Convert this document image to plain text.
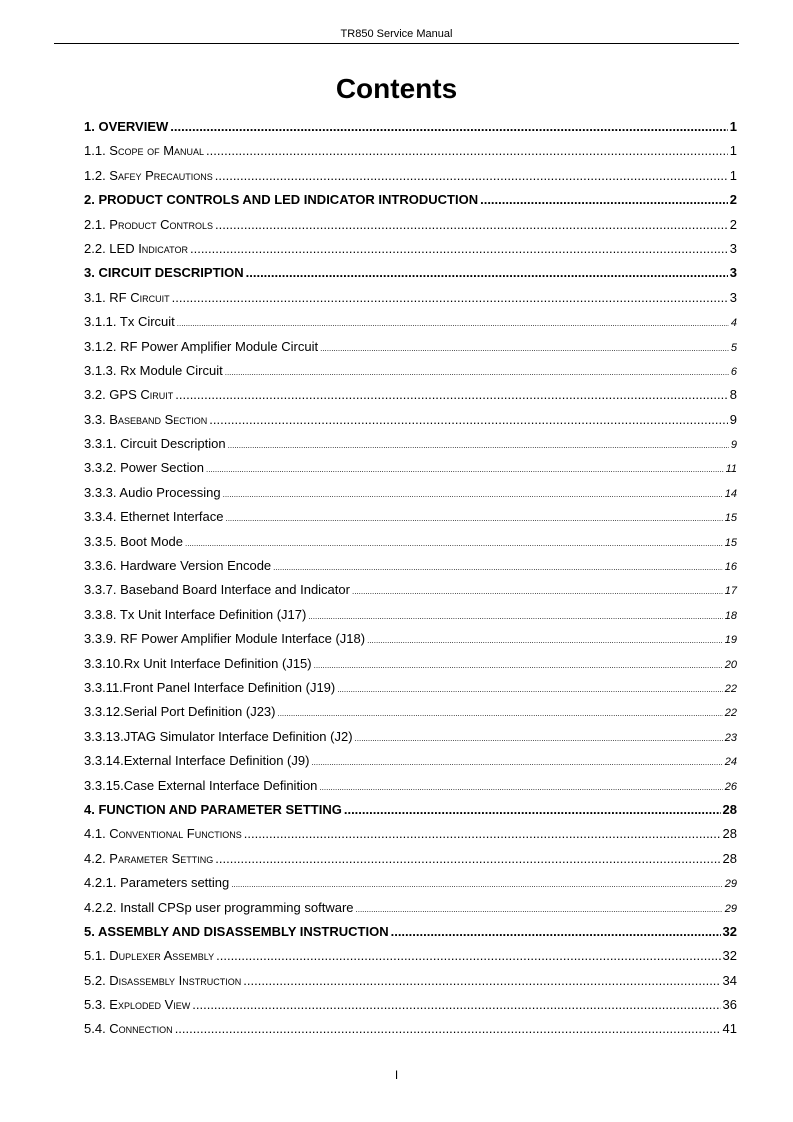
TR850 Service Manual
Contents
1. OVERVIEW .....	1
1.1. Scope of Manual .....	1
1.2. Safey Precautions .....	1
2. PRODUCT CONTROLS AND LED INDICATOR INTRODUCTION .....	2
2.1. Product Controls .....	2
2.2. LED Indicator .....	3
3. CIRCUIT DESCRIPTION .....	3
3.1. RF Circuit .....	3
3.1.1. Tx Circuit .....	4
3.1.2. RF Power Amplifier Module Circuit .....	5
3.1.3. Rx Module Circuit .....	6
3.2. GPS Ciruit .....	8
3.3. Baseband Section .....	9
3.3.1. Circuit Description .....	9
3.3.2. Power Section .....	11
3.3.3. Audio Processing .....	14
3.3.4. Ethernet Interface .....	15
3.3.5. Boot Mode .....	15
3.3.6. Hardware Version Encode .....	16
3.3.7. Baseband Board Interface and Indicator .....	17
3.3.8. Tx Unit Interface Definition (J17) .....	18
3.3.9. RF Power Amplifier Module Interface (J18) .....	19
3.3.10.Rx Unit Interface Definition (J15) .....	20
3.3.11.Front Panel Interface Definition (J19) .....	22
3.3.12.Serial Port Definition (J23) .....	22
3.3.13.JTAG Simulator Interface Definition (J2) .....	23
3.3.14.External Interface Definition (J9) .....	24
3.3.15.Case External Interface Definition .....	26
4. FUNCTION AND PARAMETER SETTING .....	28
4.1. Conventional Functions .....	28
4.2. Parameter Setting .....	28
4.2.1. Parameters setting .....	29
4.2.2. Install CPSp user programming software .....	29
5. ASSEMBLY AND DISASSEMBLY INSTRUCTION .....	32
5.1. Duplexer Assembly .....	32
5.2. Disassembly Instruction .....	34
5.3. Exploded View .....	36
5.4. Connection .....	41
I
